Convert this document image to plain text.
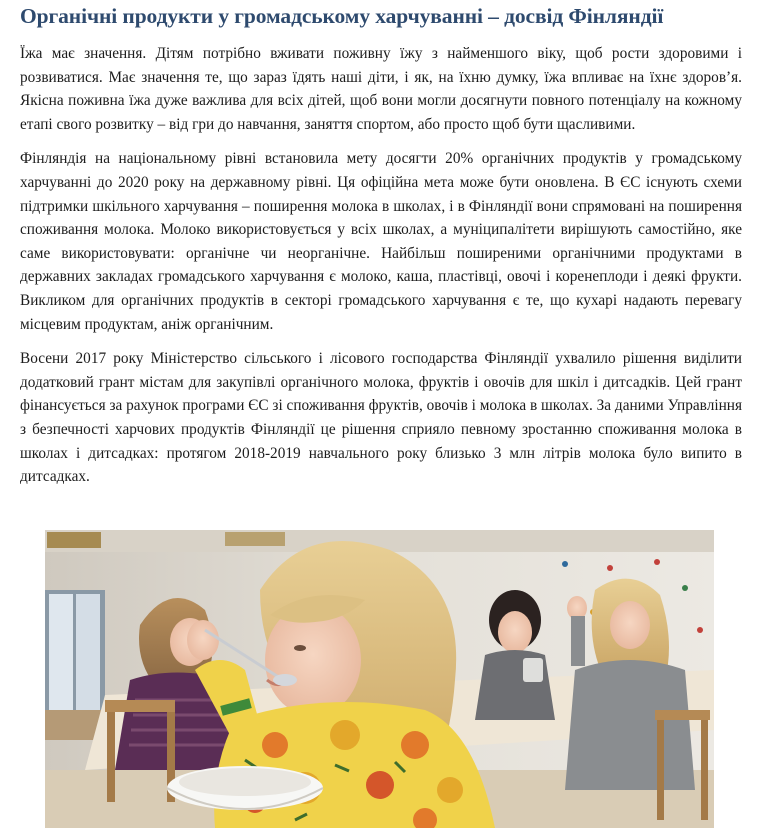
Органічні продукти у громадському харчуванні – досвід Фінляндії

Їжа має значення. Дітям потрібно вживати поживну їжу з найменшого віку, щоб рости здоровими і розвиватися. Має значення те, що зараз їдять наші діти, і як, на їхню думку, їжа впливає на їхнє здоров’я. Якісна поживна їжа дуже важлива для всіх дітей, щоб вони могли досягнути повного потенціалу на кожному етапі свого розвитку – від гри до навчання, заняття спортом, або просто щоб бути щасливими.

Фінляндія на національному рівні встановила мету досягти 20% органічних продуктів у громадському харчуванні до 2020 року на державному рівні. Ця офіційна мета може бути оновлена. В ЄС існують схеми підтримки шкільного харчування – поширення молока в школах, і в Фінляндії вони спрямовані на поширення споживання молока. Молоко використовується у всіх школах, а муніципалітети вирішують самостійно, яке саме використовувати: органічне чи неорганічне. Найбільш поширеними органічними продуктами в державних закладах громадського харчування є молоко, каша, пластівці, овочі і коренеплоди і деякі фрукти. Викликом для органічних продуктів в секторі громадського харчування є те, що кухарі надають перевагу місцевим продуктам, аніж органічним.

Восени 2017 року Міністерство сільського і лісового господарства Фінляндії ухвалило рішення виділити додатковий грант містам для закупівлі органічного молока, фруктів і овочів для шкіл і дитсадків. Цей грант фінансується за рахунок програми ЄС зі споживання фруктів, овочів і молока в школах. За даними Управління з безпечності харчових продуктів Фінляндії це рішення сприяло певному зростанню споживання молока в школах і дитсадках: протягом 2018-2019 навчального року близько 3 млн літрів молока було випито в дитсадках.
